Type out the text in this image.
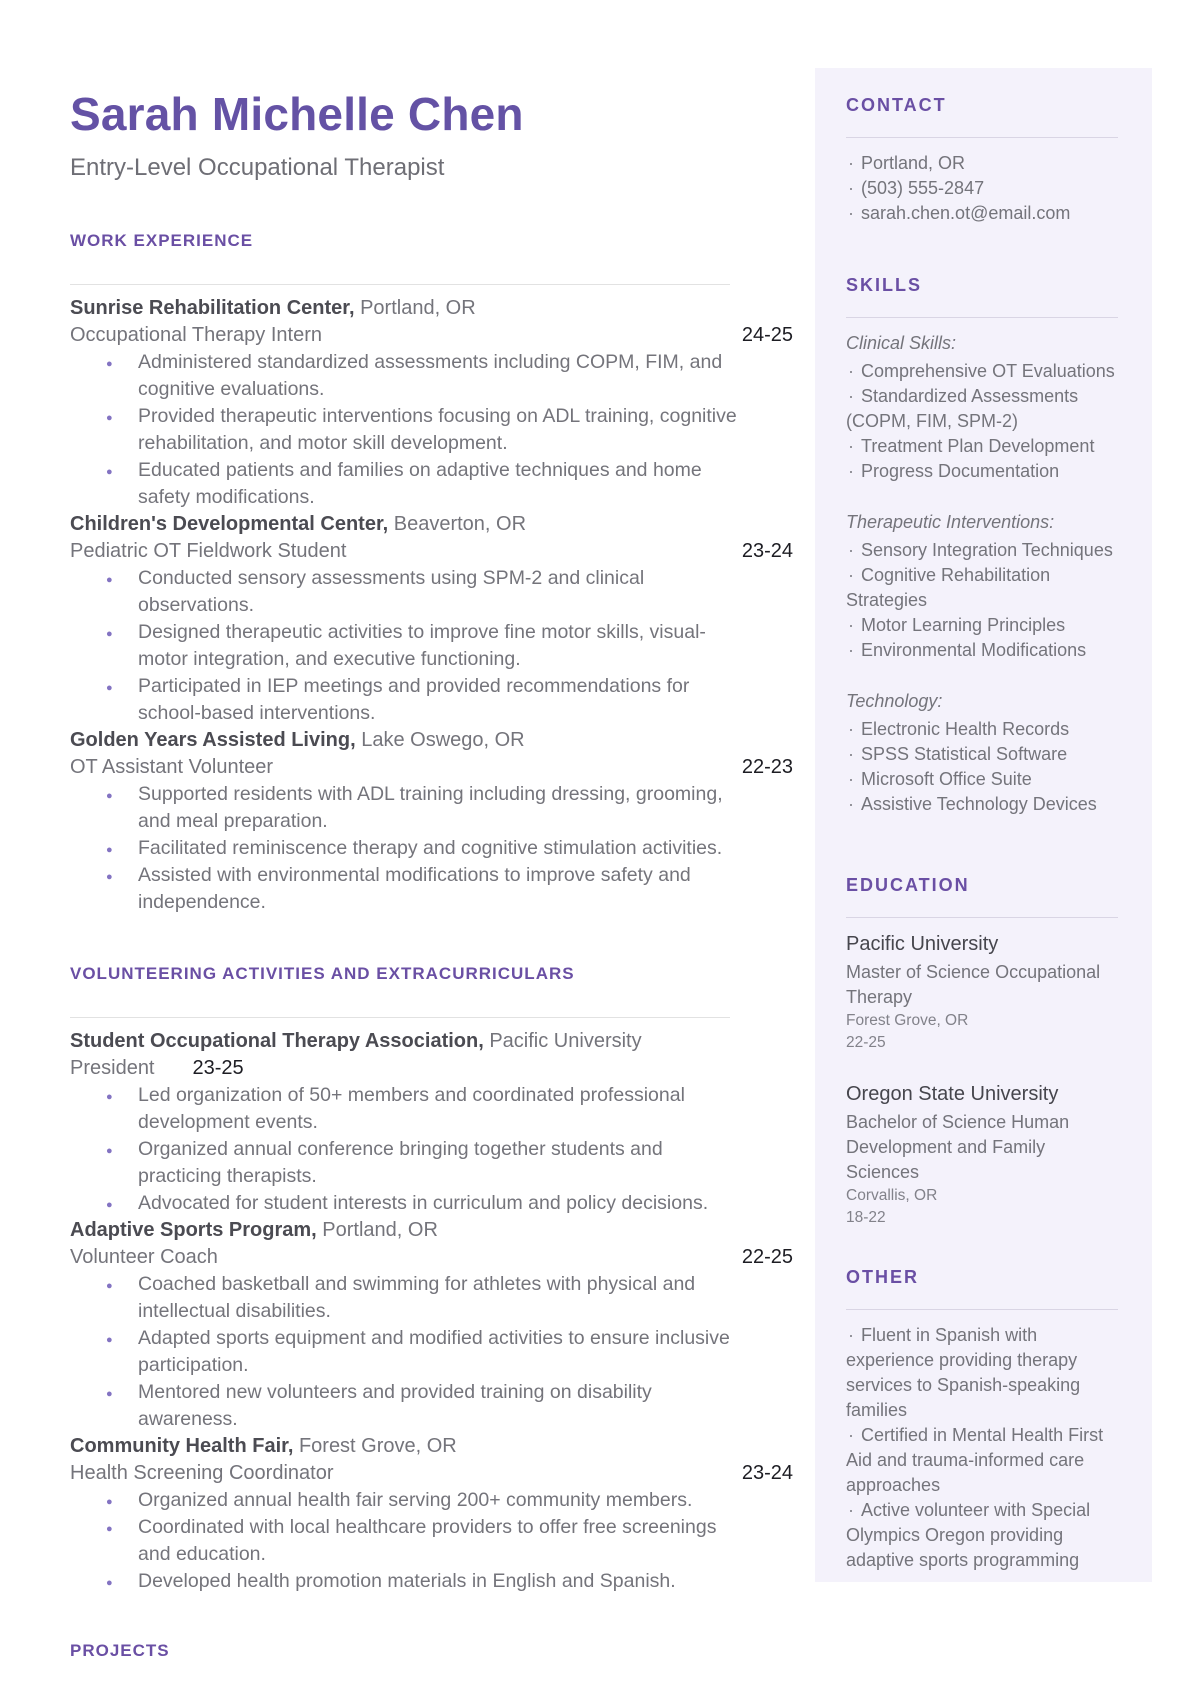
Sarah Michelle Chen
Entry-Level Occupational Therapist
WORK EXPERIENCE
Sunrise Rehabilitation Center, Portland, OR
Occupational Therapy Intern	24-25
● Administered standardized assessments including COPM, FIM, and cognitive evaluations.
● Provided therapeutic interventions focusing on ADL training, cognitive rehabilitation, and motor skill development.
● Educated patients and families on adaptive techniques and home safety modifications.
Children's Developmental Center, Beaverton, OR
Pediatric OT Fieldwork Student	23-24
● Conducted sensory assessments using SPM-2 and clinical observations.
● Designed therapeutic activities to improve fine motor skills, visual-motor integration, and executive functioning.
● Participated in IEP meetings and provided recommendations for school-based interventions.
Golden Years Assisted Living, Lake Oswego, OR
OT Assistant Volunteer	22-23
● Supported residents with ADL training including dressing, grooming, and meal preparation.
● Facilitated reminiscence therapy and cognitive stimulation activities.
● Assisted with environmental modifications to improve safety and independence.
VOLUNTEERING ACTIVITIES AND EXTRACURRICULARS
Student Occupational Therapy Association, Pacific University
President 23-25
● Led organization of 50+ members and coordinated professional development events.
● Organized annual conference bringing together students and practicing therapists.
● Advocated for student interests in curriculum and policy decisions.
Adaptive Sports Program, Portland, OR
Volunteer Coach	22-25
● Coached basketball and swimming for athletes with physical and intellectual disabilities.
● Adapted sports equipment and modified activities to ensure inclusive participation.
● Mentored new volunteers and provided training on disability awareness.
Community Health Fair, Forest Grove, OR
Health Screening Coordinator	23-24
● Organized annual health fair serving 200+ community members.
● Coordinated with local healthcare providers to offer free screenings and education.
● Developed health promotion materials in English and Spanish.
PROJECTS
CONTACT
· Portland, OR
· (503) 555-2847
· sarah.chen.ot@email.com
SKILLS
Clinical Skills:
· Comprehensive OT Evaluations
· Standardized Assessments (COPM, FIM, SPM-2)
· Treatment Plan Development
· Progress Documentation
Therapeutic Interventions:
· Sensory Integration Techniques
· Cognitive Rehabilitation Strategies
· Motor Learning Principles
· Environmental Modifications
Technology:
· Electronic Health Records
· SPSS Statistical Software
· Microsoft Office Suite
· Assistive Technology Devices
EDUCATION
Pacific University
Master of Science Occupational Therapy
Forest Grove, OR
22-25
Oregon State University
Bachelor of Science Human Development and Family Sciences
Corvallis, OR
18-22
OTHER
· Fluent in Spanish with experience providing therapy services to Spanish-speaking families
· Certified in Mental Health First Aid and trauma-informed care approaches
· Active volunteer with Special Olympics Oregon providing adaptive sports programming
